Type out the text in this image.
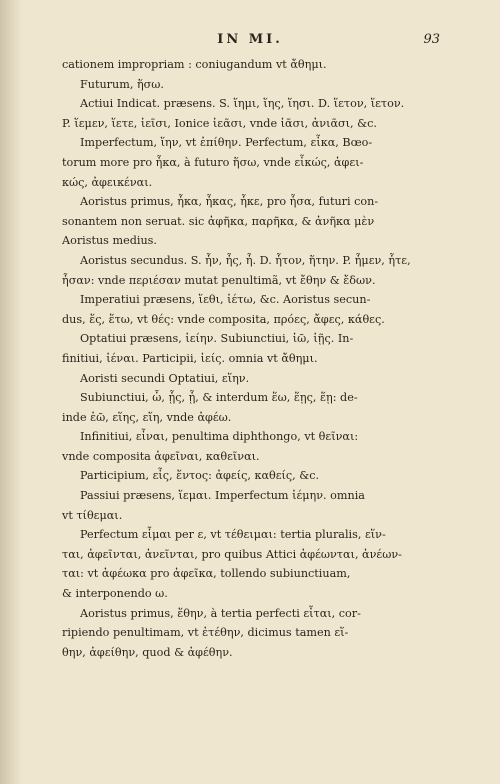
IN MI.	93
cationem impropriam : coniugandum vt ἄθημι.
Futurum, ἥσω.
Actiui Indicat. præsens. S. ἵημι, ἵης, ἵησι. D. ἵετον, ἵετον.
P. ἵεμεν, ἵετε, ἱεῖσι, Ionice ἱεᾶσι, vnde ἱᾶσι, ἀνιᾶσι, &c.
Imperfectum, ἵην, vt ἐπίθην. Perfectum, εἷκα, Bœo-
torum more pro ἧκα, à futuro ἥσω, vnde εἷκώς, ἀφει-
κώς, ἀφεικέναι.
Aoristus primus, ἧκα, ἧκας, ἧκε, pro ἧσα, futuri con-
sonantem non seruat. sic ἀφῆκα, παρῆκα, & ἀνῆκα μὲν
Aoristus medius.
Aoristus secundus. S. ἧν, ἧς, ἧ. D. ἧτον, ἥτην. P. ἧμεν, ἧτε,
ἧσαν: vnde περιέσαν mutat penultimã, vt ἔθην & ἔδων.
Imperatiui præsens, ἵεθι, ἱέτω, &c. Aoristus secun-
dus, ἕς, ἕτω, vt θές: vnde composita, πρόες, ἄφες, κάθες.
Optatiui præsens, ἱείην. Subiunctiui, ἱῶ, ἱῇς. In-
finitiui, ἱέναι. Participii, ἱείς. omnia vt ἄθημι.
Aoristi secundi Optatiui, εἵην.
Subiunctiui, ὧ, ᾗς, ᾗ, & interdum ἕω, ἕῃς, ἕῃ: de-
inde ἑῶ, εἵης, εἵη, vnde ἀφέω.
Infinitiui, εἷναι, penultima diphthongo, vt θεῖναι:
vnde composita ἀφεῖναι, καθεῖναι.
Participium, εἷς, ἕντος: ἀφείς, καθείς, &c.
Passiui præsens, ἵεμαι. Imperfectum ἱέμην. omnia
vt τίθεμαι.
Perfectum εἷμαι per ε, vt τέθειμαι: tertia pluralis, εἵν-
ται, ἀφεῖνται, ἀνεῖνται, pro quibus Attici ἀφέωνται, ἀνέων-
ται: vt ἀφέωκα pro ἀφεῖκα, tollendo subiunctiuam,
& interponendo ω.
Aoristus primus, ἕθην, à tertia perfecti εἷται, cor-
ripiendo penultimam, vt ἐτέθην, dicimus tamen εἵ-
θην, ἀφείθην, quod & ἀφέθην.
